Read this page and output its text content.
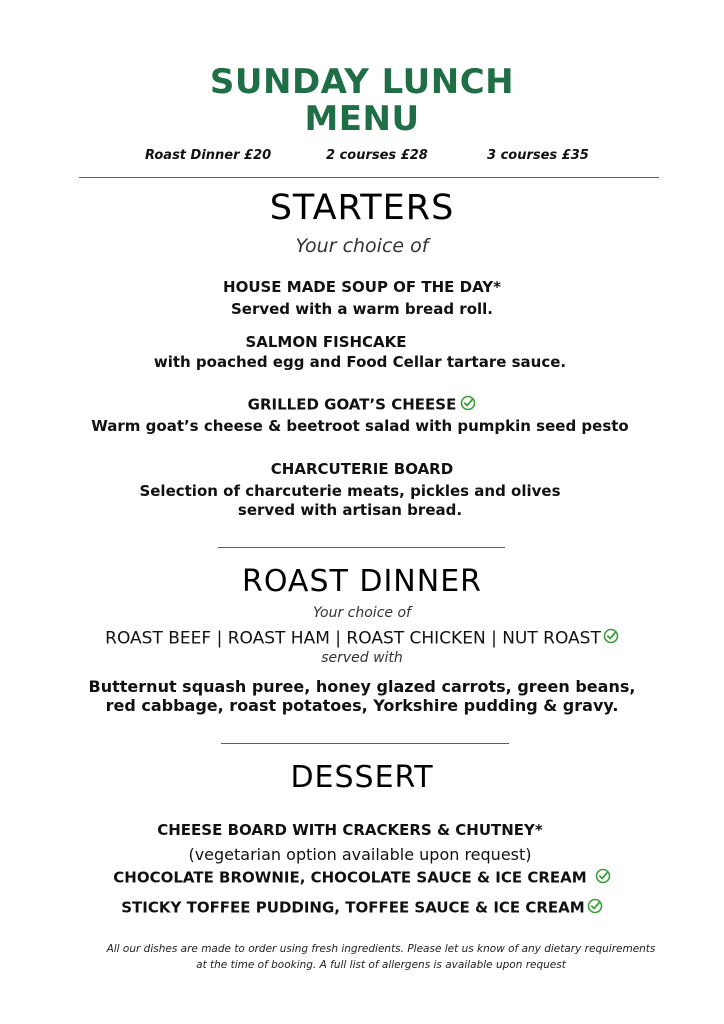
SUNDAY LUNCH
MENU
Roast Dinner £20	2 courses £28	3 courses £35
STARTERS
Your choice of
HOUSE MADE SOUP OF THE DAY*
Served with a warm bread roll.
SALMON FISHCAKE
with poached egg and Food Cellar tartare sauce.
GRILLED GOAT’S CHEESE
Warm goat’s cheese & beetroot salad with pumpkin seed pesto
CHARCUTERIE BOARD
Selection of charcuterie meats, pickles and olives
served with artisan bread.
ROAST DINNER
Your choice of
ROAST BEEF | ROAST HAM | ROAST CHICKEN | NUT ROAST
served with
Butternut squash puree, honey glazed carrots, green beans,
red cabbage, roast potatoes, Yorkshire pudding & gravy.
DESSERT
CHEESE BOARD WITH CRACKERS & CHUTNEY*
(vegetarian option available upon request)
CHOCOLATE BROWNIE, CHOCOLATE SAUCE & ICE CREAM
STICKY TOFFEE PUDDING, TOFFEE SAUCE & ICE CREAM
All our dishes are made to order using fresh ingredients. Please let us know of any dietary requirements
at the time of booking. A full list of allergens is available upon request
